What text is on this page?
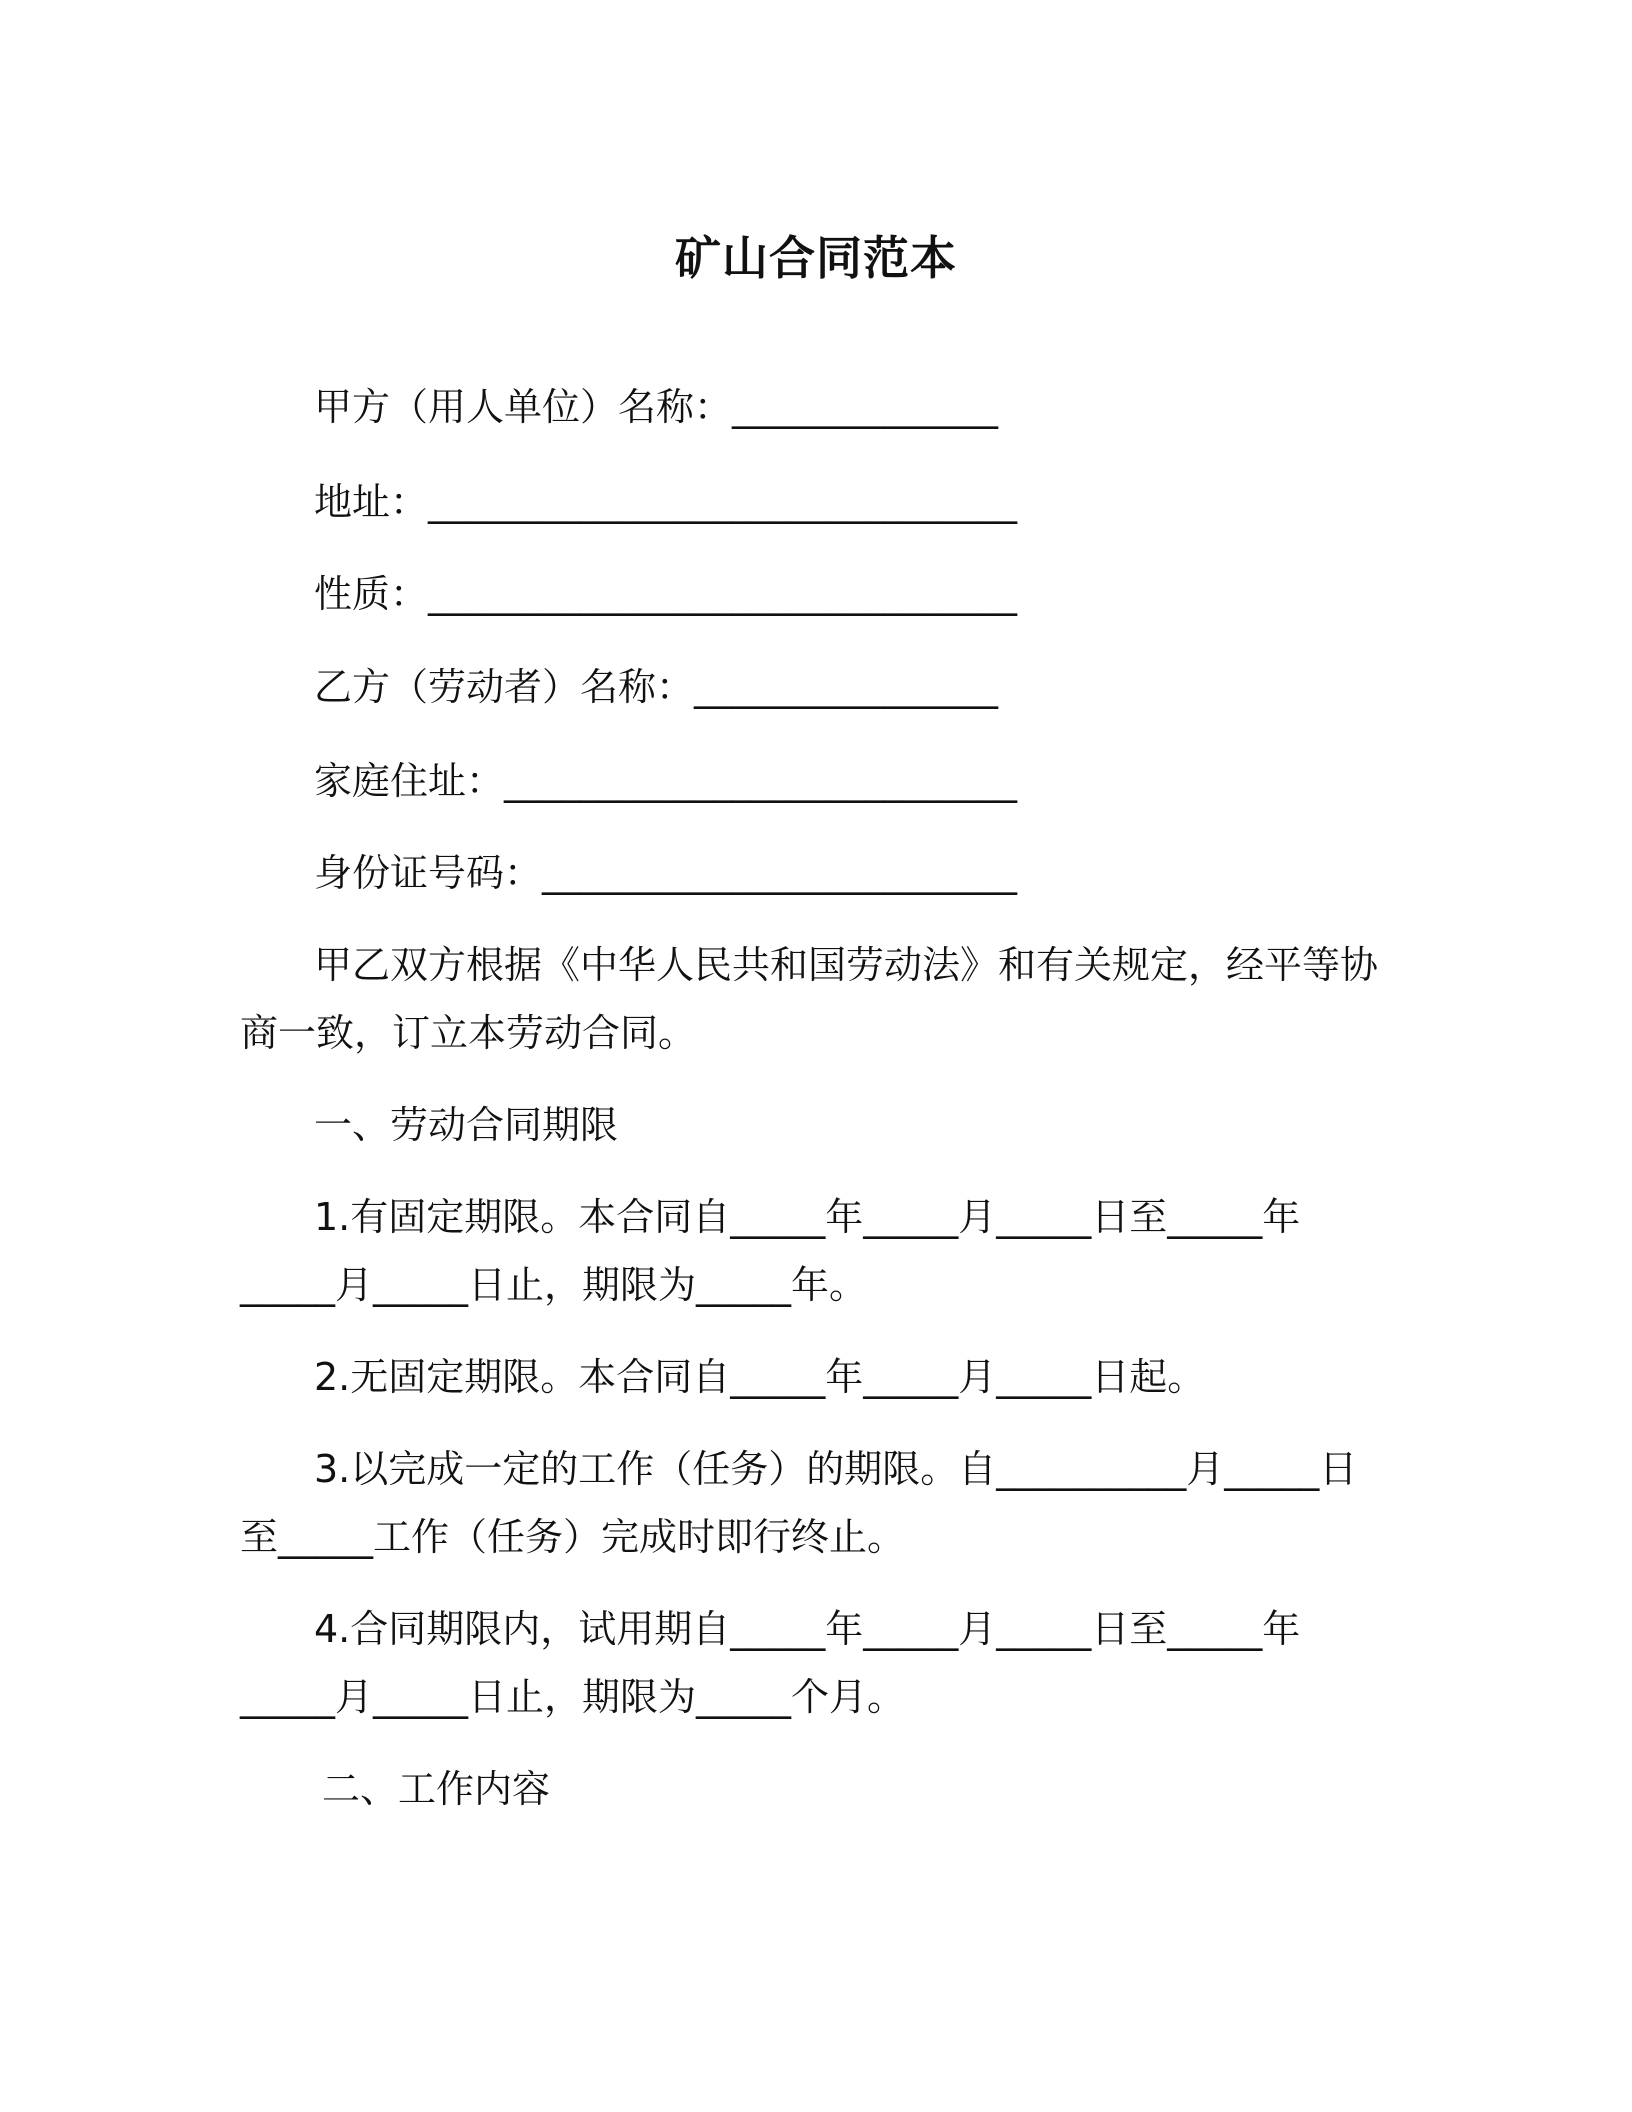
矿山合同范本
甲方（用人单位）名称：______________
地址：_______________________________
性质：_______________________________
乙方（劳动者）名称：________________
家庭住址：___________________________
身份证号码：_________________________
甲乙双方根据《中华人民共和国劳动法》和有关规定，经平等协
商一致，订立本劳动合同。
一、劳动合同期限
1.有固定期限。本合同自_____年_____月_____日至_____年
_____月_____日止，期限为_____年。
2.无固定期限。本合同自_____年_____月_____日起。
3.以完成一定的工作（任务）的期限。自__________月_____日
至_____工作（任务）完成时即行终止。
4.合同期限内，试用期自_____年_____月_____日至_____年
_____月_____日止，期限为_____个月。
二、工作内容
